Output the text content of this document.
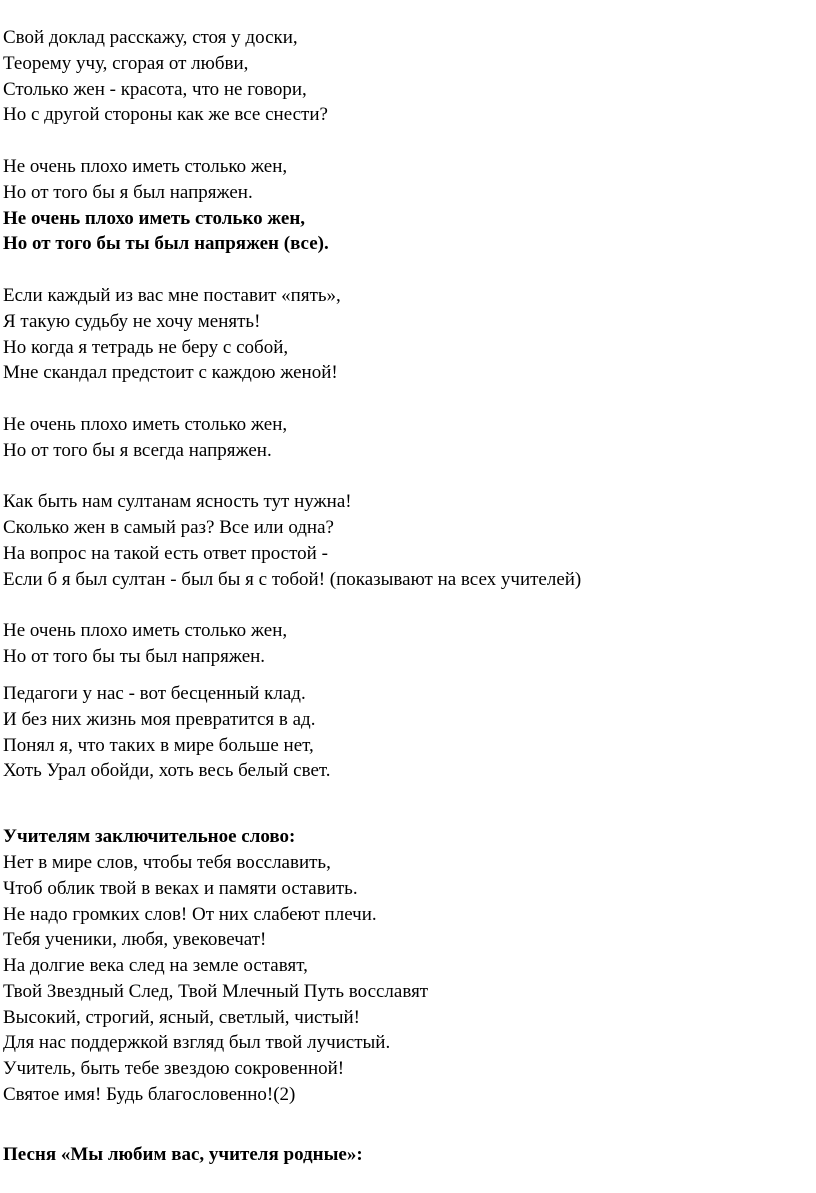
Свой доклад расскажу, стоя у доски,
Теорему учу, сгорая от любви,
Столько жен - красота, что не говори,
Но с другой стороны как же все снести?
Не очень плохо иметь столько жен,
Но от того бы я был напряжен.
Не очень плохо иметь столько жен,
Но от того бы ты был напряжен (все).
Если каждый из вас мне поставит «пять»,
Я такую судьбу не хочу менять!
Но когда я тетрадь не беру с собой,
Мне скандал предстоит с каждою женой!
Не очень плохо иметь столько жен,
Но от того бы я всегда напряжен.
Как быть нам султанам ясность тут нужна!
Сколько жен в самый раз? Все или одна?
На вопрос на такой есть ответ простой -
Если б я был султан - был бы я с тобой! (показывают на всех учителей)
Не очень плохо иметь столько жен,
Но от того бы ты был напряжен.
Педагоги у нас - вот бесценный клад.
И без них жизнь моя превратится в ад.
Понял я, что таких в мире больше нет,
Хоть Урал обойди, хоть весь белый свет.
Учителям заключительное слово:
Нет в мире слов, чтобы тебя восславить,
Чтоб облик твой в веках и памяти оставить.
Не надо громких слов! От них слабеют плечи.
Тебя ученики, любя, увековечат!
На долгие века след на земле оставят,
Твой Звездный След, Твой Млечный Путь восславят
Высокий, строгий, ясный, светлый, чистый!
Для нас поддержкой взгляд был твой лучистый.
Учитель, быть тебе звездою сокровенной!
Святое имя! Будь благословенно!(2)
Песня «Мы любим вас, учителя родные»:
